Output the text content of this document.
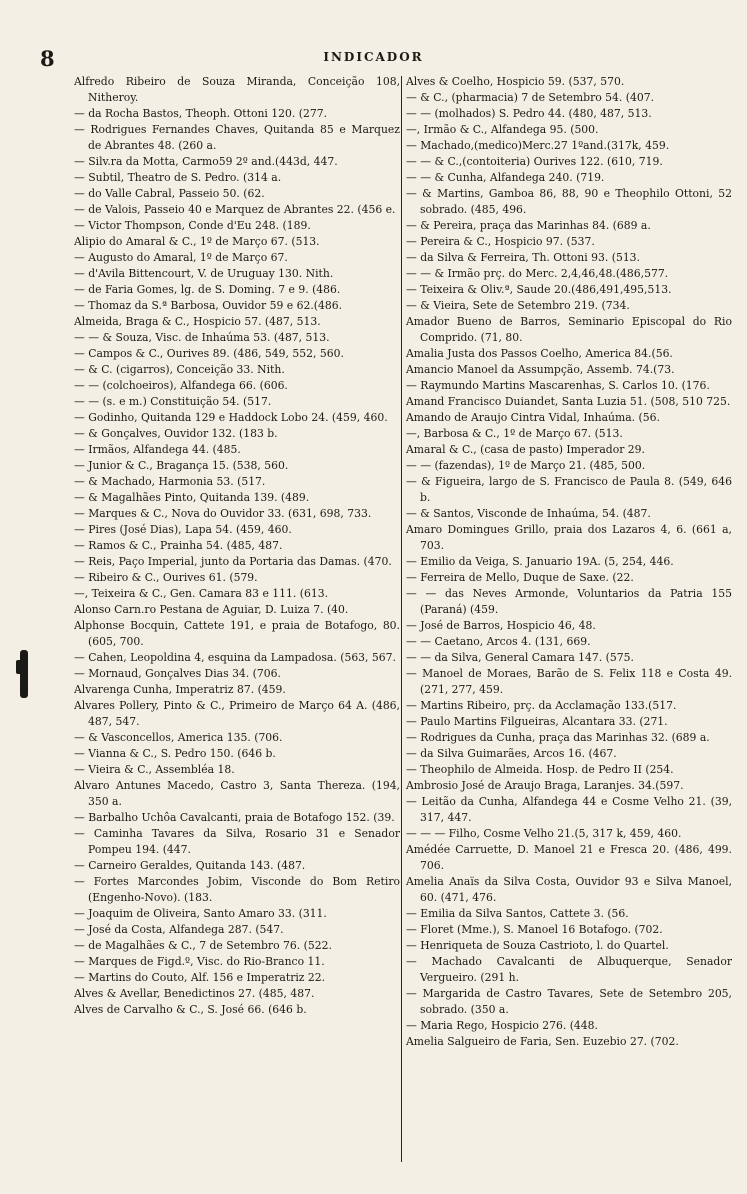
8	INDICADOR

Alfredo Ribeiro de Souza Miranda, Conceição 108, Nitheroy.

— da Rocha Bastos, Theoph. Ottoni 120. (277.

— Rodrigues Fernandes Chaves, Quitanda 85 e Marquez de Abrantes 48. (260 a.

— Silv.ra da Motta, Carmo59 2º and.(443d, 447.

— Subtil, Theatro de S. Pedro. (314 a.

— do Valle Cabral, Passeio 50. (62.

— de Valois, Passeio 40 e Marquez de Abrantes 22. (456 e.

— Victor Thompson, Conde d'Eu 248. (189.

Alipio do Amaral & C., 1º de Março 67. (513.

— Augusto do Amaral, 1º de Março 67.

— d'Avila Bittencourt, V. de Uruguay 130. Nith.

— de Faria Gomes, lg. de S. Doming. 7 e 9. (486.

— Thomaz da S.ª Barbosa, Ouvidor 59 e 62.(486.

Almeida, Braga & C., Hospicio 57. (487, 513.

— — & Souza, Visc. de Inhaúma 53. (487, 513.

— Campos & C., Ourives 89. (486, 549, 552, 560.

— & C. (cigarros), Conceição 33. Nith.

— — (colchoeiros), Alfandega 66. (606.

— — (s. e m.) Constituição 54. (517.

— Godinho, Quitanda 129 e Haddock Lobo 24. (459, 460.

— & Gonçalves, Ouvidor 132. (183 b.

— Irmãos, Alfandega 44. (485.

— Junior & C., Bragança 15. (538, 560.

— & Machado, Harmonia 53. (517.

— & Magalhães Pinto, Quitanda 139. (489.

— Marques & C., Nova do Ouvidor 33. (631, 698, 733.

— Pires (José Dias), Lapa 54. (459, 460.

— Ramos & C., Prainha 54. (485, 487.

— Reis, Paço Imperial, junto da Portaria das Damas. (470.

— Ribeiro & C., Ourives 61. (579.

—, Teixeira & C., Gen. Camara 83 e 111. (613.

Alonso Carn.ro Pestana de Aguiar, D. Luiza 7. (40.

Alphonse Bocquin, Cattete 191, e praia de Botafogo, 80. (605, 700.

— Cahen, Leopoldina 4, esquina da Lampadosa. (563, 567.

— Mornaud, Gonçalves Dias 34. (706.

Alvarenga Cunha, Imperatriz 87. (459.

Alvares Pollery, Pinto & C., Primeiro de Março 64 A. (486, 487, 547.

— & Vasconcellos, America 135. (706.

— Vianna & C., S. Pedro 150. (646 b.

— Vieira & C., Assembléa 18.

Alvaro Antunes Macedo, Castro 3, Santa Thereza. (194, 350 a.

— Barbalho Uchôa Cavalcanti, praia de Botafogo 152. (39.

— Caminha Tavares da Silva, Rosario 31 e Senador Pompeu 194. (447.

— Carneiro Geraldes, Quitanda 143. (487.

— Fortes Marcondes Jobim, Visconde do Bom Retiro (Engenho-Novo). (183.

— Joaquim de Oliveira, Santo Amaro 33. (311.

— José da Costa, Alfandega 287. (547.

— de Magalhães & C., 7 de Setembro 76. (522.

— Marques de Figd.º, Visc. do Rio-Branco 11.

— Martins do Couto, Alf. 156 e Imperatriz 22.

Alves & Avellar, Benedictinos 27. (485, 487.

Alves de Carvalho & C., S. José 66. (646 b.

Alves & Coelho, Hospicio 59. (537, 570.

— & C., (pharmacia) 7 de Setembro 54. (407.

— — (molhados) S. Pedro 44. (480, 487, 513.

—, Irmão & C., Alfandega 95. (500.

— Machado,(medico)Merc.27 1ºand.(317k, 459.

— — & C.,(contoiteria) Ourives 122. (610, 719.

— — & Cunha, Alfandega 240. (719.

— & Martins, Gamboa 86, 88, 90 e Theophilo Ottoni, 52 sobrado. (485, 496.

— & Pereira, praça das Marinhas 84. (689 a.

— Pereira & C., Hospicio 97. (537.

— da Silva & Ferreira, Th. Ottoni 93. (513.

— — & Irmão prç. do Merc. 2,4,46,48.(486,577.

— Teixeira & Oliv.ª, Saude 20.(486,491,495,513.

— & Vieira, Sete de Setembro 219. (734.

Amador Bueno de Barros, Seminario Episcopal do Rio Comprido. (71, 80.

Amalia Justa dos Passos Coelho, America 84.(56.

Amancio Manoel da Assumpção, Assemb. 74.(73.

— Raymundo Martins Mascarenhas, S. Carlos 10. (176.

Amand Francisco Duiandet, Santa Luzia 51. (508, 510 725.

Amando de Araujo Cintra Vidal, Inhaúma. (56.

—, Barbosa & C., 1º de Março 67. (513.

Amaral & C., (casa de pasto) Imperador 29.

— — (fazendas), 1º de Março 21. (485, 500.

— & Figueira, largo de S. Francisco de Paula 8. (549, 646 b.

— & Santos, Visconde de Inhaúma, 54. (487.

Amaro Domingues Grillo, praia dos Lazaros 4, 6. (661 a, 703.

— Emilio da Veiga, S. Januario 19A. (5, 254, 446.

— Ferreira de Mello, Duque de Saxe. (22.

— — das Neves Armonde, Voluntarios da Patria 155 (Paraná) (459.

— José de Barros, Hospicio 46, 48.

— — Caetano, Arcos 4. (131, 669.

— — da Silva, General Camara 147. (575.

— Manoel de Moraes, Barão de S. Felix 118 e Costa 49. (271, 277, 459.

— Martins Ribeiro, prç. da Acclamação 133.(517.

— Paulo Martins Filgueiras, Alcantara 33. (271.

— Rodrigues da Cunha, praça das Marinhas 32. (689 a.

— da Silva Guimarães, Arcos 16. (467.

— Theophilo de Almeida. Hosp. de Pedro II (254.

Ambrosio José de Araujo Braga, Laranjes. 34.(597.

— Leitão da Cunha, Alfandega 44 e Cosme Velho 21. (39, 317, 447.

— — — Filho, Cosme Velho 21.(5, 317 k, 459, 460.

Amédée Carruette, D. Manoel 21 e Fresca 20. (486, 499. 706.

Amelia Anaïs da Silva Costa, Ouvidor 93 e Silva Manoel, 60. (471, 476.

— Emilia da Silva Santos, Cattete 3. (56.

— Floret (Mme.), S. Manoel 16 Botafogo. (702.

— Henriqueta de Souza Castrioto, l. do Quartel.

— Machado Cavalcanti de Albuquerque, Senador Vergueiro. (291 h.

— Margarida de Castro Tavares, Sete de Setembro 205, sobrado. (350 a.

— Maria Rego, Hospicio 276. (448.

Amelia Salgueiro de Faria, Sen. Euzebio 27. (702.
